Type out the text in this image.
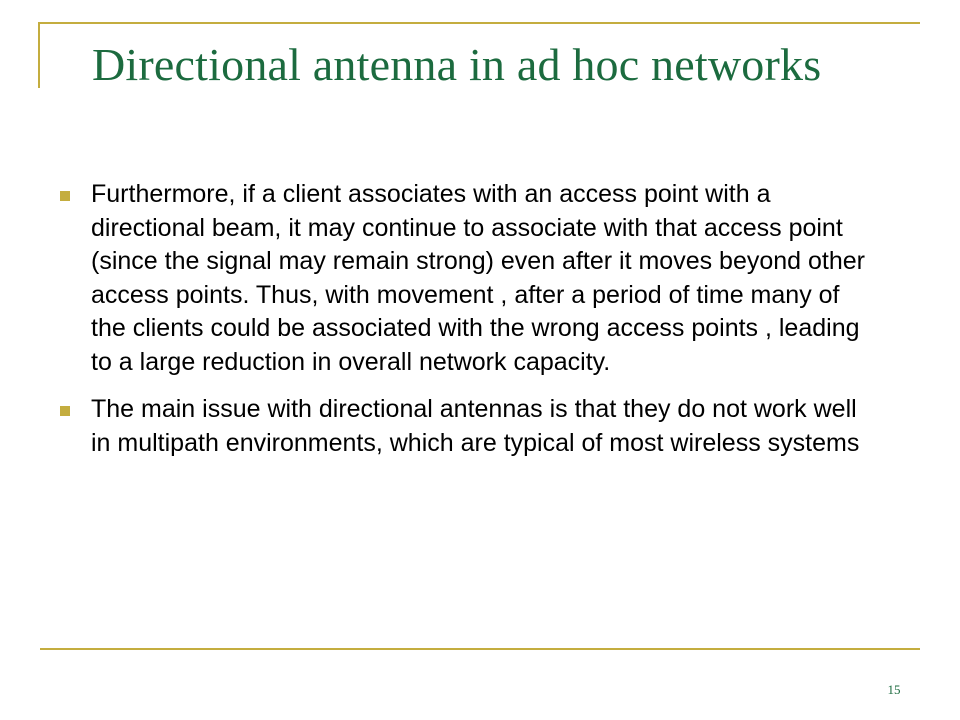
Directional antenna in ad hoc networks
Furthermore, if a client associates with an access point with a directional beam, it may continue to associate with that access point (since the signal may remain strong) even after it moves beyond other access points. Thus, with movement , after a period of time many of the clients could be associated with the wrong access points , leading to a large reduction in overall network capacity.
The main issue with directional antennas is that they do not work well in multipath environments, which are typical of most wireless systems
15
